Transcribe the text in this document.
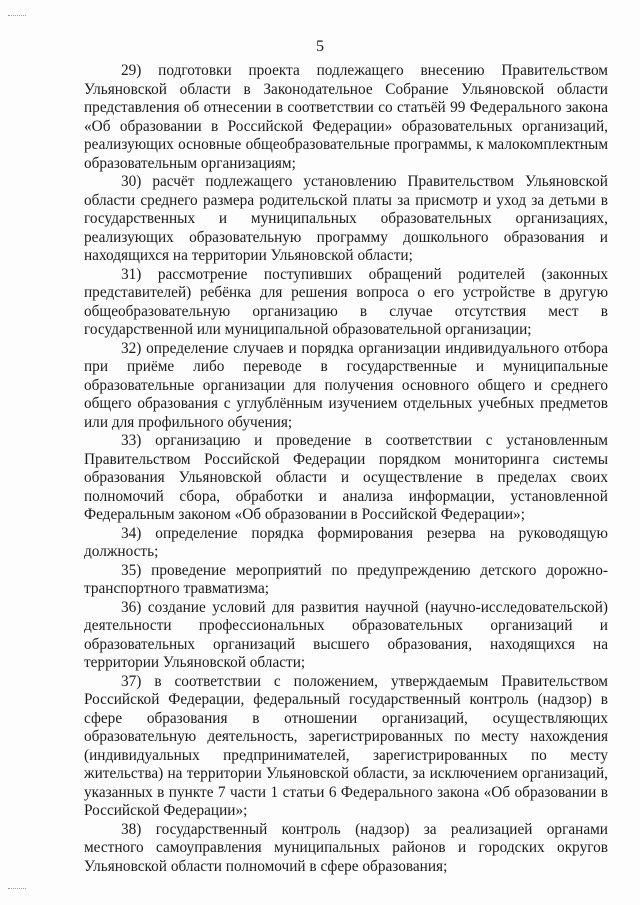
5

29) подготовки проекта подлежащего внесению Правительством Ульяновской области в Законодательное Собрание Ульяновской области представления об отнесении в соответствии со статьёй 99 Федерального закона «Об образовании в Российской Федерации» образовательных организаций, реализующих основные общеобразовательные программы, к малокомплектным образовательным организациям;

30) расчёт подлежащего установлению Правительством Ульяновской области среднего размера родительской платы за присмотр и уход за детьми в государственных и муниципальных образовательных организациях, реализующих образовательную программу дошкольного образования и находящихся на территории Ульяновской области;

31) рассмотрение поступивших обращений родителей (законных представителей) ребёнка для решения вопроса о его устройстве в другую общеобразовательную организацию в случае отсутствия мест в государственной или муниципальной образовательной организации;

32) определение случаев и порядка организации индивидуального отбора при приёме либо переводе в государственные и муниципальные образовательные организации для получения основного общего и среднего общего образования с углублённым изучением отдельных учебных предметов или для профильного обучения;

33) организацию и проведение в соответствии с установленным Правительством Российской Федерации порядком мониторинга системы образования Ульяновской области и осуществление в пределах своих полномочий сбора, обработки и анализа информации, установленной Федеральным законом «Об образовании в Российской Федерации»;

34) определение порядка формирования резерва на руководящую должность;

35) проведение мероприятий по предупреждению детского дорожно-транспортного травматизма;

36) создание условий для развития научной (научно-исследовательской) деятельности профессиональных образовательных организаций и образовательных организаций высшего образования, находящихся на территории Ульяновской области;

37) в соответствии с положением, утверждаемым Правительством Российской Федерации, федеральный государственный контроль (надзор) в сфере образования в отношении организаций, осуществляющих образовательную деятельность, зарегистрированных по месту нахождения (индивидуальных предпринимателей, зарегистрированных по месту жительства) на территории Ульяновской области, за исключением организаций, указанных в пункте 7 части 1 статьи 6 Федерального закона «Об образовании в Российской Федерации»;

38) государственный контроль (надзор) за реализацией органами местного самоуправления муниципальных районов и городских округов Ульяновской области полномочий в сфере образования;
